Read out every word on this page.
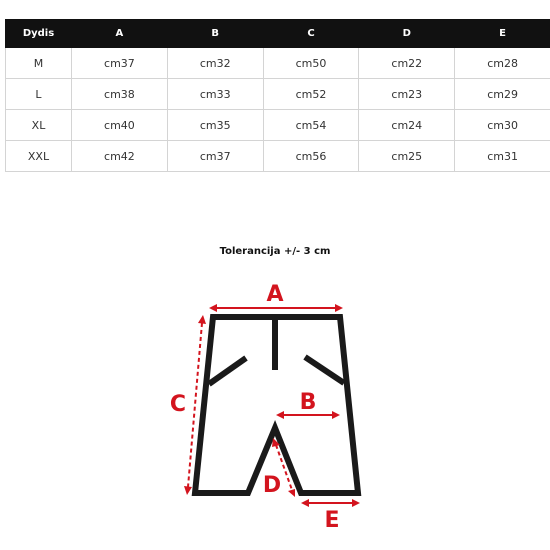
Dydis	A	B	C	D	E
M	cm37	cm32	cm50	cm22	cm28
L	cm38	cm33	cm52	cm23	cm29
XL	cm40	cm35	cm54	cm24	cm30
XXL	cm42	cm37	cm56	cm25	cm31
Tolerancija +/- 3 cm
A
B
C
D
E
